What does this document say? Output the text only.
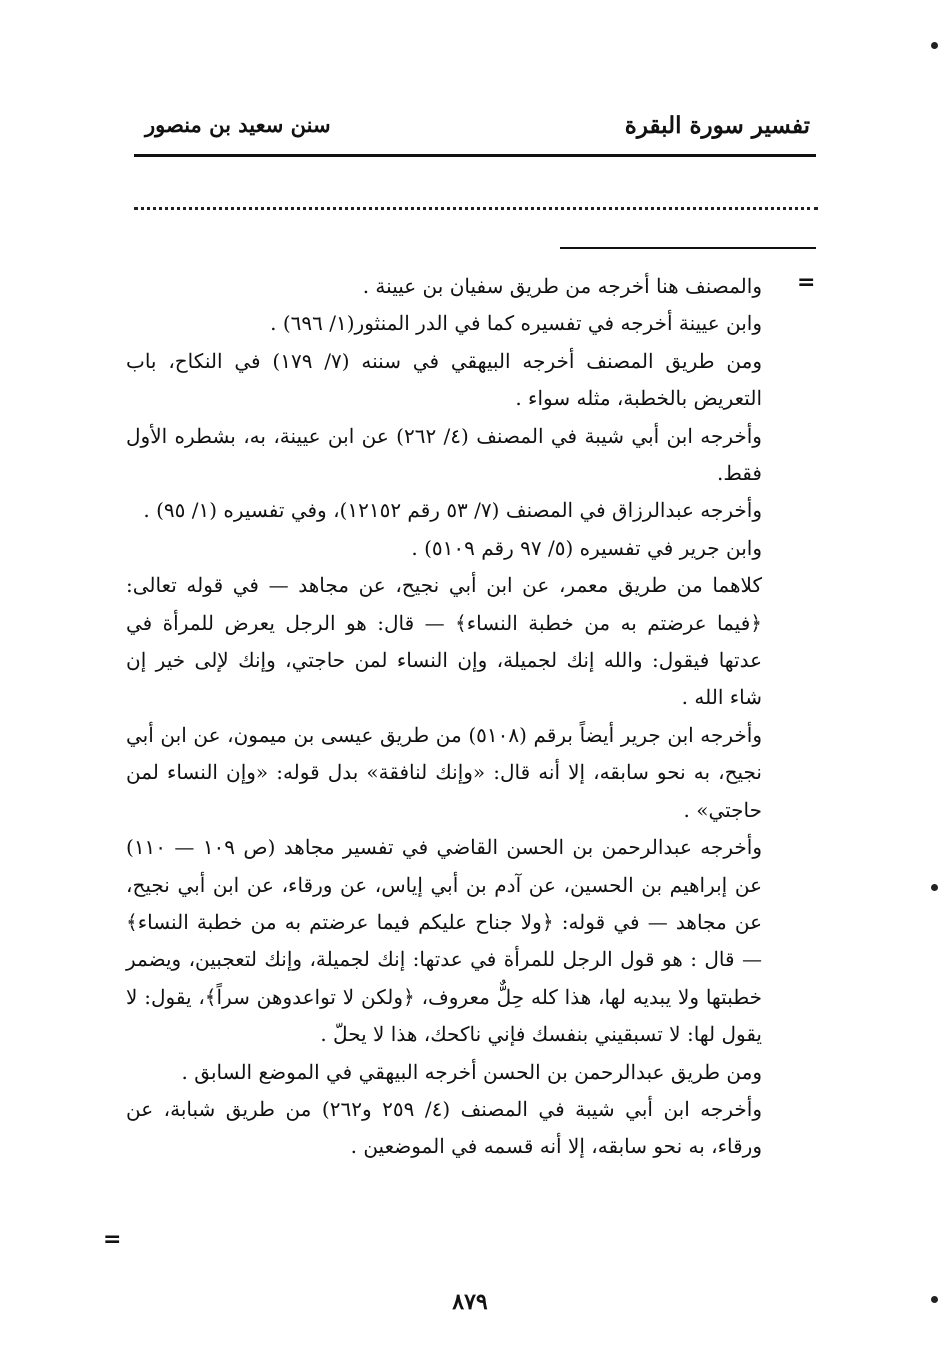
سنن سعيد بن منصور	تفسير سورة البقرة
=

والمصنف هنا أخرجه من طريق سفيان بن عيينة .

وابن عيينة أخرجه في تفسيره كما في الدر المنثور(١/ ٦٩٦) .

ومن طريق المصنف أخرجه البيهقي في سننه (٧/ ١٧٩) في النكاح، باب التعريض بالخطبة، مثله سواء .

وأخرجه ابن أبي شيبة في المصنف (٤/ ٢٦٢) عن ابن عيينة، به، بشطره الأول فقط.

وأخرجه عبدالرزاق في المصنف (٧/ ٥٣ رقم ١٢١٥٢)، وفي تفسيره (١/ ٩٥) .

وابن جرير في تفسيره (٥/ ٩٧ رقم ٥١٠٩) .

كلاهما من طريق معمر، عن ابن أبي نجيح، عن مجاهد — في قوله تعالى: ﴿فيما عرضتم به من خطبة النساء﴾ — قال: هو الرجل يعرض للمرأة في عدتها فيقول: والله إنك لجميلة، وإن النساء لمن حاجتي، وإنك لإلى خير إن شاء الله .

وأخرجه ابن جرير أيضاً برقم (٥١٠٨) من طريق عيسى بن ميمون، عن ابن أبي نجيح، به نحو سابقه، إلا أنه قال: «وإنك لنافقة» بدل قوله: «وإن النساء لمن حاجتي» .

وأخرجه عبدالرحمن بن الحسن القاضي في تفسير مجاهد (ص ١٠٩ — ١١٠) عن إبراهيم بن الحسين، عن آدم بن أبي إياس، عن ورقاء، عن ابن أبي نجيح، عن مجاهد — في قوله: ﴿ولا جناح عليكم فيما عرضتم به من خطبة النساء﴾ — قال : هو قول الرجل للمرأة في عدتها: إنك لجميلة، وإنك لتعجبين، ويضمر خطبتها ولا يبديه لها، هذا كله حِلٌّ معروف، ﴿ولكن لا تواعدوهن سراً﴾، يقول: لا يقول لها: لا تسبقيني بنفسك فإني ناكحك، هذا لا يحلّ .

ومن طريق عبدالرحمن بن الحسن أخرجه البيهقي في الموضع السابق .

وأخرجه ابن أبي شيبة في المصنف (٤/ ٢٥٩ و٢٦٢) من طريق شبابة، عن ورقاء، به نحو سابقه، إلا أنه قسمه في الموضعين .

=
٨٧٩
